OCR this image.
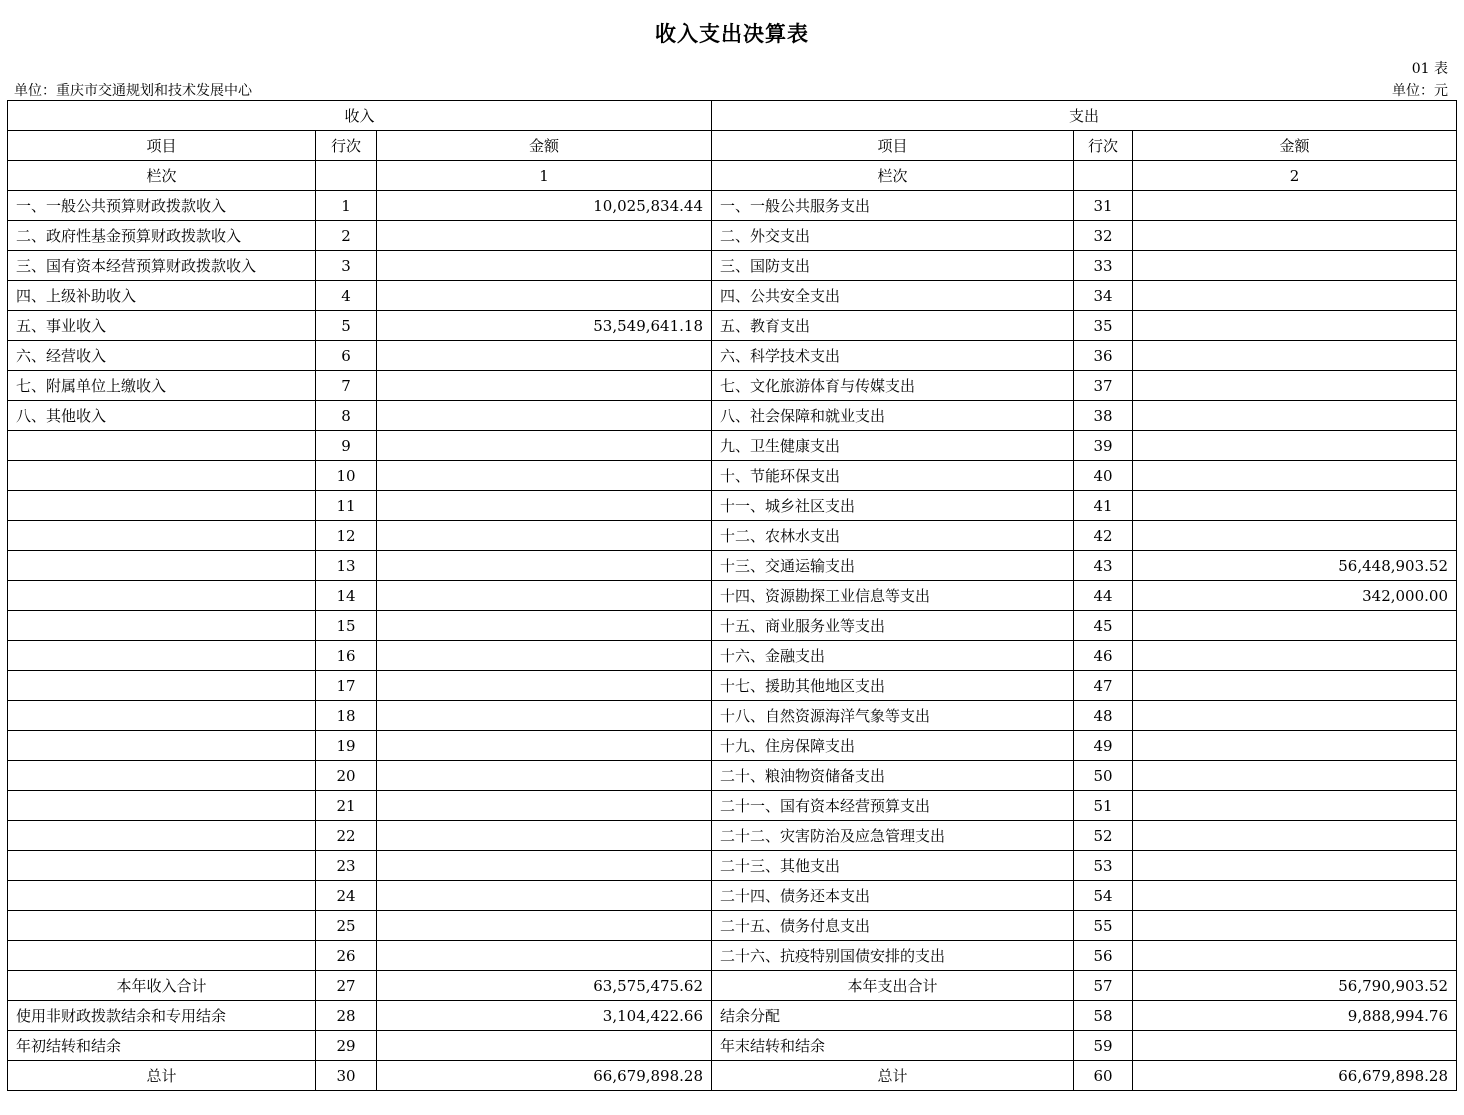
收入支出决算表
01 表
单位：重庆市交通规划和技术发展中心	单位：元
收入			支出		
项目	行次	金额	项目	行次	金额
栏次		1	栏次		2
一、一般公共预算财政拨款收入	1	10,025,834.44	一、一般公共服务支出	31	
二、政府性基金预算财政拨款收入	2		二、外交支出	32	
三、国有资本经营预算财政拨款收入	3		三、国防支出	33	
四、上级补助收入	4		四、公共安全支出	34	
五、事业收入	5	53,549,641.18	五、教育支出	35	
六、经营收入	6		六、科学技术支出	36	
七、附属单位上缴收入	7		七、文化旅游体育与传媒支出	37	
八、其他收入	8		八、社会保障和就业支出	38	
	9		九、卫生健康支出	39	
	10		十、节能环保支出	40	
	11		十一、城乡社区支出	41	
	12		十二、农林水支出	42	
	13		十三、交通运输支出	43	56,448,903.52
	14		十四、资源勘探工业信息等支出	44	342,000.00
	15		十五、商业服务业等支出	45	
	16		十六、金融支出	46	
	17		十七、援助其他地区支出	47	
	18		十八、自然资源海洋气象等支出	48	
	19		十九、住房保障支出	49	
	20		二十、粮油物资储备支出	50	
	21		二十一、国有资本经营预算支出	51	
	22		二十二、灾害防治及应急管理支出	52	
	23		二十三、其他支出	53	
	24		二十四、债务还本支出	54	
	25		二十五、债务付息支出	55	
	26		二十六、抗疫特别国债安排的支出	56	
本年收入合计	27	63,575,475.62	本年支出合计	57	56,790,903.52
使用非财政拨款结余和专用结余	28	3,104,422.66	结余分配	58	9,888,994.76
年初结转和结余	29		年末结转和结余	59	
总计	30	66,679,898.28	总计	60	66,679,898.28
